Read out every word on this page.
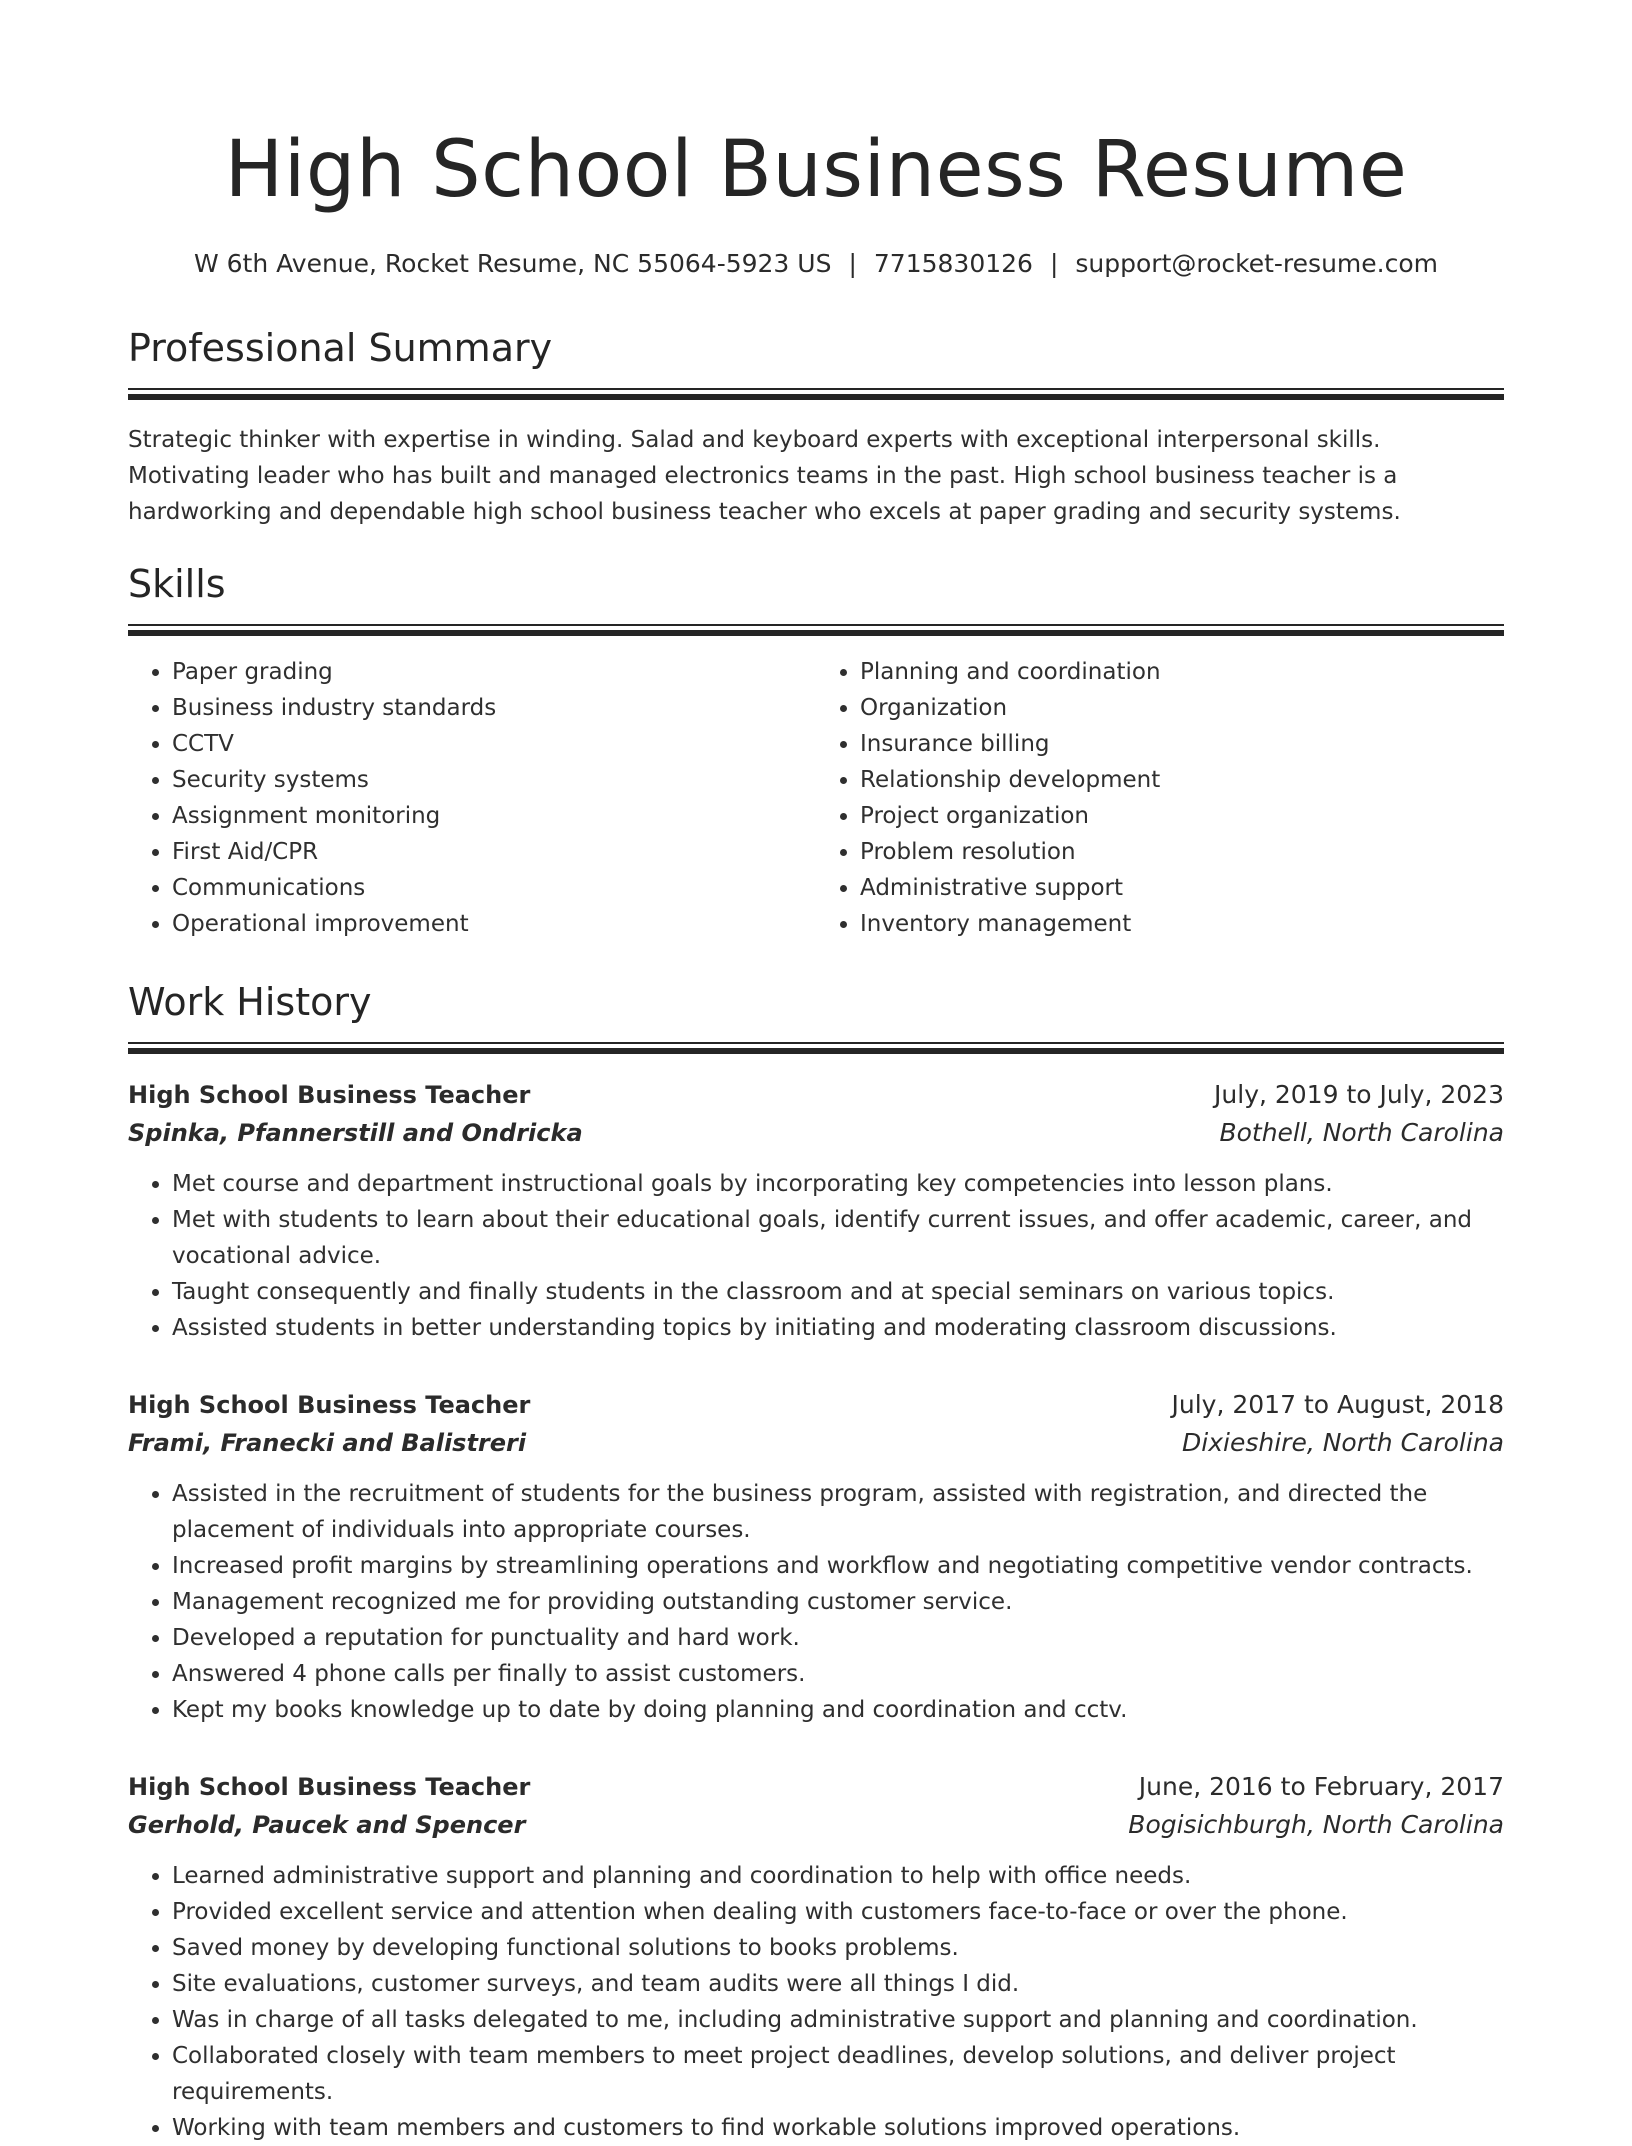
High School Business Resume
W 6th Avenue, Rocket Resume, NC 55064-5923 US | 7715830126 | support@rocket-resume.com
Professional Summary

Strategic thinker with expertise in winding. Salad and keyboard experts with exceptional interpersonal skills. Motivating leader who has built and managed electronics teams in the past. High school business teacher is a hardworking and dependable high school business teacher who excels at paper grading and security systems.

Skills
• Paper grading
• Business industry standards
• CCTV
• Security systems
• Assignment monitoring
• First Aid/CPR
• Communications
• Operational improvement
• Planning and coordination
• Organization
• Insurance billing
• Relationship development
• Project organization
• Problem resolution
• Administrative support
• Inventory management
Work History
High School Business Teacher	July, 2019 to July, 2023
Spinka, Pfannerstill and Ondricka	Bothell, North Carolina
• Met course and department instructional goals by incorporating key competencies into lesson plans.
• Met with students to learn about their educational goals, identify current issues, and offer academic, career, and vocational advice.
• Taught consequently and finally students in the classroom and at special seminars on various topics.
• Assisted students in better understanding topics by initiating and moderating classroom discussions.
High School Business Teacher	July, 2017 to August, 2018
Frami, Franecki and Balistreri	Dixieshire, North Carolina
• Assisted in the recruitment of students for the business program, assisted with registration, and directed the placement of individuals into appropriate courses.
• Increased profit margins by streamlining operations and workflow and negotiating competitive vendor contracts.
• Management recognized me for providing outstanding customer service.
• Developed a reputation for punctuality and hard work.
• Answered 4 phone calls per finally to assist customers.
• Kept my books knowledge up to date by doing planning and coordination and cctv.
High School Business Teacher	June, 2016 to February, 2017
Gerhold, Paucek and Spencer	Bogisichburgh, North Carolina
• Learned administrative support and planning and coordination to help with office needs.
• Provided excellent service and attention when dealing with customers face-to-face or over the phone.
• Saved money by developing functional solutions to books problems.
• Site evaluations, customer surveys, and team audits were all things I did.
• Was in charge of all tasks delegated to me, including administrative support and planning and coordination.
• Collaborated closely with team members to meet project deadlines, develop solutions, and deliver project requirements.
• Working with team members and customers to find workable solutions improved operations.
